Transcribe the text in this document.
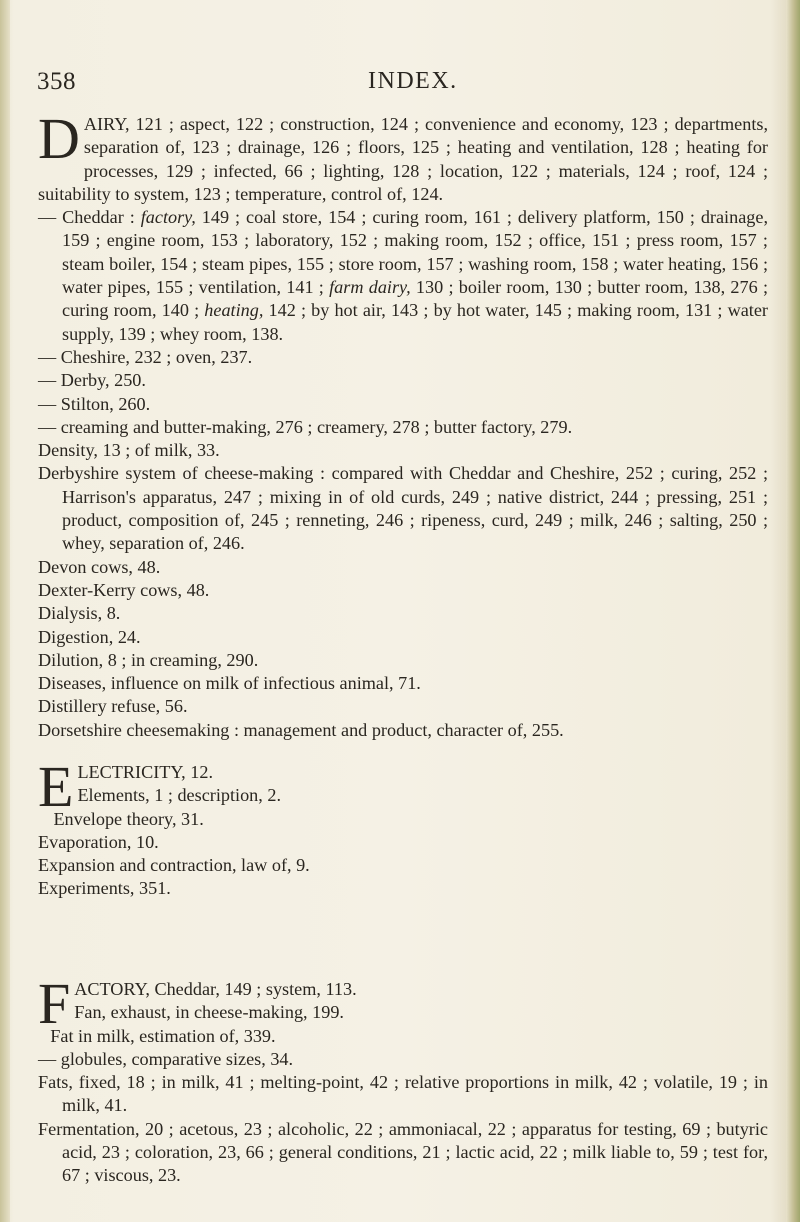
358	INDEX.

DAIRY, 121 ; aspect, 122 ; construction, 124 ; convenience and economy, 123 ; departments, separation of, 123 ; drainage, 126 ; floors, 125 ; heating and ventilation, 128 ; heating for processes, 129 ; infected, 66 ; lighting, 128 ; location, 122 ; materials, 124 ; roof, 124 ; suitability to system, 123 ; temperature, control of, 124.

— Cheddar : factory, 149 ; coal store, 154 ; curing room, 161 ; delivery platform, 150 ; drainage, 159 ; engine room, 153 ; laboratory, 152 ; making room, 152 ; office, 151 ; press room, 157 ; steam boiler, 154 ; steam pipes, 155 ; store room, 157 ; washing room, 158 ; water heating, 156 ; water pipes, 155 ; ventilation, 141 ; farm dairy, 130 ; boiler room, 130 ; butter room, 138, 276 ; curing room, 140 ; heating, 142 ; by hot air, 143 ; by hot water, 145 ; making room, 131 ; water supply, 139 ; whey room, 138.

— Cheshire, 232 ; oven, 237.

— Derby, 250.

— Stilton, 260.

— creaming and butter-making, 276 ; creamery, 278 ; butter factory, 279.

Density, 13 ; of milk, 33.

Derbyshire system of cheese-making : compared with Cheddar and Cheshire, 252 ; curing, 252 ; Harrison's apparatus, 247 ; mixing in of old curds, 249 ; native district, 244 ; pressing, 251 ; product, composition of, 245 ; renneting, 246 ; ripeness, curd, 249 ; milk, 246 ; salting, 250 ; whey, separation of, 246.

Devon cows, 48.

Dexter-Kerry cows, 48.

Dialysis, 8.

Digestion, 24.

Dilution, 8 ; in creaming, 290.

Diseases, influence on milk of infectious animal, 71.

Distillery refuse, 56.

Dorsetshire cheesemaking : management and product, character of, 255.

ELECTRICITY, 12.

Elements, 1 ; description, 2.

Envelope theory, 31.

Evaporation, 10.

Expansion and contraction, law of, 9.

Experiments, 351.

FACTORY, Cheddar, 149 ; system, 113.

Fan, exhaust, in cheese-making, 199.

Fat in milk, estimation of, 339.

— globules, comparative sizes, 34.

Fats, fixed, 18 ; in milk, 41 ; melting-point, 42 ; relative proportions in milk, 42 ; volatile, 19 ; in milk, 41.

Fermentation, 20 ; acetous, 23 ; alcoholic, 22 ; ammoniacal, 22 ; apparatus for testing, 69 ; butyric acid, 23 ; coloration, 23, 66 ; general conditions, 21 ; lactic acid, 22 ; milk liable to, 59 ; test for, 67 ; viscous, 23.
